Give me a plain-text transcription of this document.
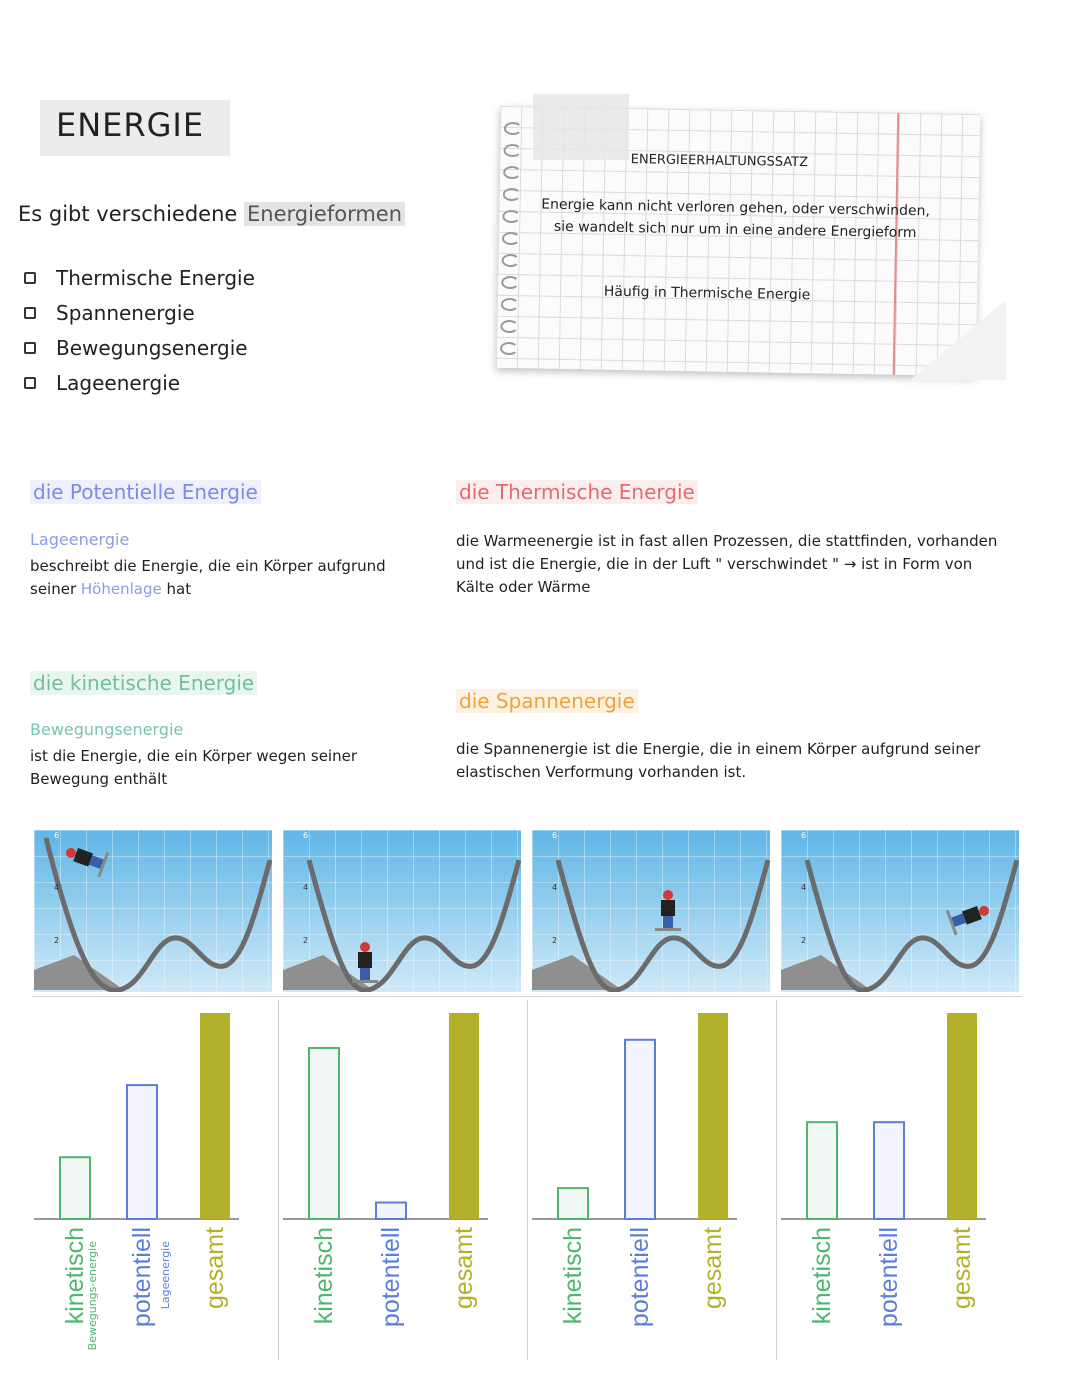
ENERGIE
Es gibt verschiedene Energieformen
Thermische Energie
Spannenergie
Bewegungsenergie
Lageenergie
ENERGIEERHALTUNGSSATZ
Energie kann nicht verloren gehen, oder verschwinden, sie wandelt sich nur um in eine andere Energieform
Häufig in Thermische Energie
die Potentielle Energie
Lageenergie
beschreibt die Energie, die ein Körper aufgrund seiner Höhenlage hat
die Thermische Energie
die Warmeenergie ist in fast allen Prozessen, die stattfinden, vorhanden und ist die Energie, die in der Luft " verschwindet " → ist in Form von Kälte oder Wärme
die kinetische Energie
Bewegungsenergie
ist die Energie, die ein Körper wegen seiner Bewegung enthält
die Spannenergie
die Spannenergie ist die Energie, die in einem Körper aufgrund seiner elastischen Verformung vorhanden ist.
6
4
2
6
4
2
6
4
2
6
4
2
kinetisch potentiell gesamt
Bewegungs-energie	Lageenergie	kinetisch potentiell gesamt	kinetisch potentiell gesamt	kinetisch potentiell gesamt
